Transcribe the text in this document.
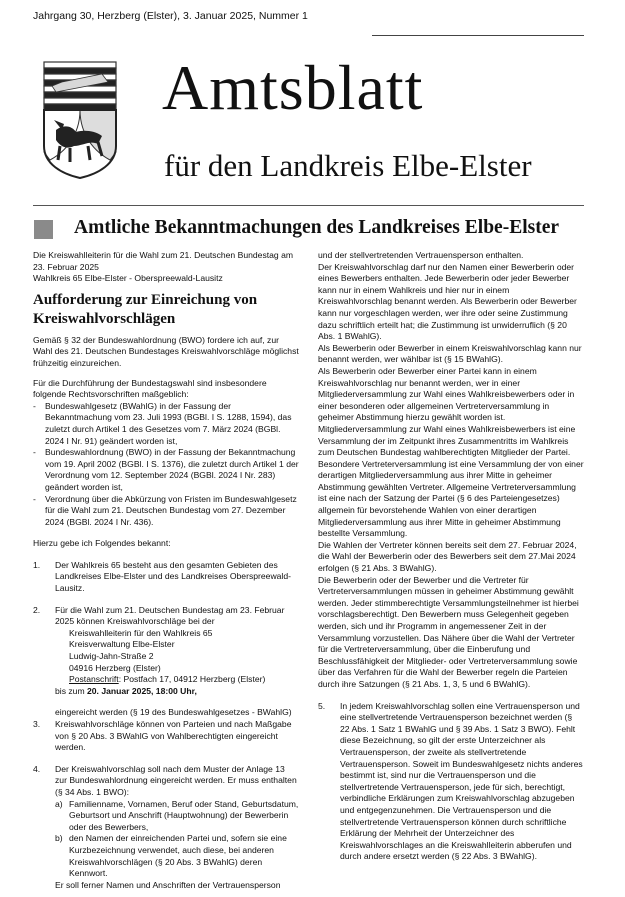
Jahrgang 30, Herzberg (Elster), 3. Januar 2025, Nummer 1
Amtsblatt
für den Landkreis Elbe-Elster
Amtliche Bekanntmachungen des Landkreises Elbe-Elster

Die Kreiswahlleiterin für die Wahl zum 21. Deutschen Bundestag am 23. Februar 2025

Wahlkreis 65 Elbe-Elster - Oberspreewald-Lausitz

Aufforderung zur Einreichung von Kreiswahlvorschlägen

Gemäß § 32 der Bundeswahlordnung (BWO) fordere ich auf, zur Wahl des 21. Deutschen Bundestages Kreiswahlvorschläge möglichst frühzeitig einzureichen.

Für die Durchführung der Bundestagswahl sind insbesondere folgende Rechtsvorschriften maßgeblich:

-	Bundeswahlgesetz (BWahlG) in der Fassung der Bekanntmachung vom 23. Juli 1993 (BGBl. I S. 1288, 1594), das zuletzt durch Artikel 1 des Gesetzes vom 7. März 2024 (BGBl. 2024 I Nr. 91) geändert worden ist,
-	Bundeswahlordnung (BWO) in der Fassung der Bekanntmachung vom 19. April 2002 (BGBl. I S. 1376), die zuletzt durch Artikel 1 der Verordnung vom 12. September 2024 (BGBl. 2024 I Nr. 283) geändert worden ist,
-	Verordnung über die Abkürzung von Fristen im Bundeswahlgesetz für die Wahl zum 21. Deutschen Bundestag vom 27. Dezember 2024 (BGBl. 2024 I Nr. 436).

Hierzu gebe ich Folgendes bekannt:

1.	Der Wahlkreis 65 besteht aus den gesamten Gebieten des Landkreises Elbe-Elster und des Landkreises Oberspreewald-Lausitz.
2.	Für die Wahl zum 21. Deutschen Bundestag am 23. Februar 2025 können Kreiswahlvorschläge bei der
Kreiswahlleiterin für den Wahlkreis 65
Kreisverwaltung Elbe-Elster
Ludwig-Jahn-Straße 2
04916 Herzberg (Elster)
Postanschrift: Postfach 17, 04912 Herzberg (Elster)
bis zum 20. Januar 2025, 18:00 Uhr,

eingereicht werden (§ 19 des Bundeswahlgesetzes - BWahlG)

3.	Kreiswahlvorschläge können von Parteien und nach Maßgabe von § 20 Abs. 3 BWahlG von Wahlberechtigten eingereicht werden.
4.	Der Kreiswahlvorschlag soll nach dem Muster der Anlage 13 zur Bundeswahlordnung eingereicht werden. Er muss enthalten (§ 34 Abs. 1 BWO):
a) Familienname, Vornamen, Beruf oder Stand, Geburtsdatum, Geburtsort und Anschrift (Hauptwohnung) der Bewerberin oder des Bewerbers,
b) den Namen der einreichenden Partei und, sofern sie eine Kurzbezeichnung verwendet, auch diese, bei anderen Kreiswahlvorschlägen (§ 20 Abs. 3 BWahlG) deren Kennwort.
Er soll ferner Namen und Anschriften der Vertrauensperson

und der stellvertretenden Vertrauensperson enthalten.

Der Kreiswahlvorschlag darf nur den Namen einer Bewerberin oder eines Bewerbers enthalten. Jede Bewerberin oder jeder Bewerber kann nur in einem Wahlkreis und hier nur in einem Kreiswahlvorschlag benannt werden. Als Bewerberin oder Bewerber kann nur vorgeschlagen werden, wer ihre oder seine Zustimmung dazu schriftlich erteilt hat; die Zustimmung ist unwiderruflich (§ 20 Abs. 1 BWahlG).

Als Bewerberin oder Bewerber in einem Kreiswahlvorschlag kann nur benannt werden, wer wählbar ist (§ 15 BWahlG).

Als Bewerberin oder Bewerber einer Partei kann in einem Kreiswahlvorschlag nur benannt werden, wer in einer Mitgliederversammlung zur Wahl eines Wahlkreisbewerbers oder in einer besonderen oder allgemeinen Vertreterversammlung in geheimer Abstimmung hierzu gewählt worden ist. Mitgliederversammlung zur Wahl eines Wahlkreisbewerbers ist eine Versammlung der im Zeitpunkt ihres Zusammentritts im Wahlkreis zum Deutschen Bundestag wahlberechtigten Mitglieder der Partei. Besondere Vertreterversammlung ist eine Versammlung der von einer derartigen Mitgliederversammlung aus ihrer Mitte in geheimer Abstimmung gewählten Vertreter. Allgemeine Vertreterversammlung ist eine nach der Satzung der Partei (§ 6 des Parteiengesetzes) allgemein für bevorstehende Wahlen von einer derartigen Mitgliederversammlung aus ihrer Mitte in geheimer Abstimmung bestellte Versammlung.

Die Wahlen der Vertreter können bereits seit dem 27. Februar 2024, die Wahl der Bewerberin oder des Bewerbers seit dem 27.Mai 2024 erfolgen (§ 21 Abs. 3 BWahlG).

Die Bewerberin oder der Bewerber und die Vertreter für Vertreterversammlungen müssen in geheimer Abstimmung gewählt werden. Jeder stimmberechtigte Versammlungsteilnehmer ist hierbei vorschlagsberechtigt. Den Bewerbern muss Gelegenheit gegeben werden, sich und ihr Programm in angemessener Zeit in der Versammlung vorzustellen. Das Nähere über die Wahl der Vertreter für die Vertreterversammlung, über die Einberufung und Beschlussfähigkeit der Mitglieder- oder Vertreterversammlung sowie über das Verfahren für die Wahl der Bewerber regeln die Parteien durch ihre Satzungen (§ 21 Abs. 1, 3, 5 und 6 BWahlG).

5.	In jedem Kreiswahlvorschlag sollen eine Vertrauensperson und eine stellvertretende Vertrauensperson bezeichnet werden (§ 22 Abs. 1 Satz 1 BWahlG und § 39 Abs. 1 Satz 3 BWO). Fehlt diese Bezeichnung, so gilt der erste Unterzeichner als Vertrauensperson, der zweite als stellvertretende Vertrauensperson. Soweit im Bundeswahlgesetz nichts anderes bestimmt ist, sind nur die Vertrauensperson und die stellvertretende Vertrauensperson, jede für sich, berechtigt, verbindliche Erklärungen zum Kreiswahlvorschlag abzugeben und entgegenzunehmen. Die Vertrauensperson und die stellvertretende Vertrauensperson können durch schriftliche Erklärung der Mehrheit der Unterzeichner des Kreiswahlvorschlages an die Kreiswahlleiterin abberufen und durch andere ersetzt werden (§ 22 Abs. 3 BWahlG).
